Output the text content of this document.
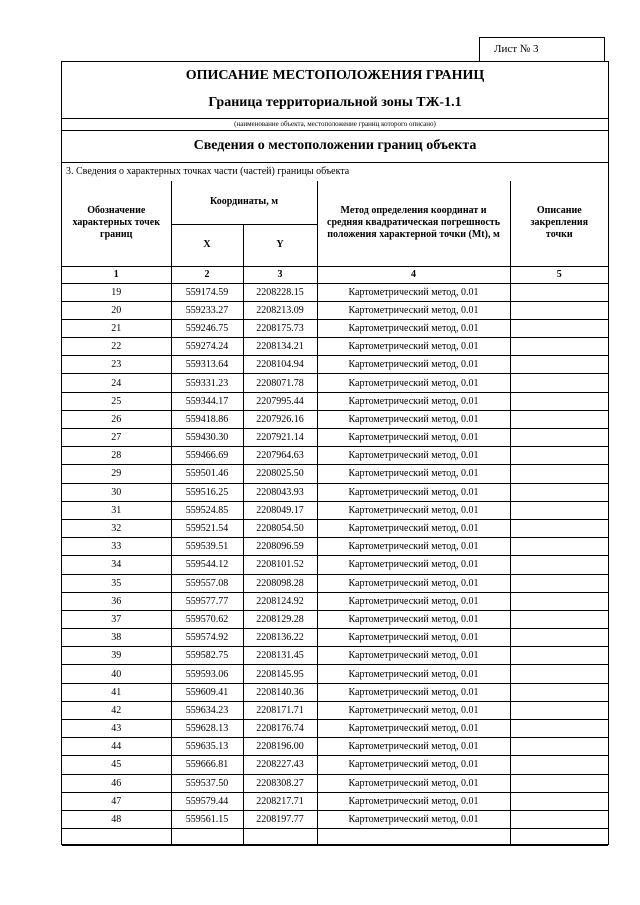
Лист № 3
ОПИСАНИЕ МЕСТОПОЛОЖЕНИЯ ГРАНИЦ
Граница территориальной зоны ТЖ-1.1
(наименование объекта, местоположение границ которого описано)
Сведения о местоположении границ объекта
3. Сведения о характерных точках части (частей) границы объекта
Обозначение характерных точек границ	Координаты, м		Метод определения координат и средняя квадратическая погрешность положения характерной точки (Mt), м	Описание закрепления точки
	X	Y		
1	2	3	4	5
19	559174.59	2208228.15	Картометрический метод, 0.01	
20	559233.27	2208213.09	Картометрический метод, 0.01	
21	559246.75	2208175.73	Картометрический метод, 0.01	
22	559274.24	2208134.21	Картометрический метод, 0.01	
23	559313.64	2208104.94	Картометрический метод, 0.01	
24	559331.23	2208071.78	Картометрический метод, 0.01	
25	559344.17	2207995.44	Картометрический метод, 0.01	
26	559418.86	2207926.16	Картометрический метод, 0.01	
27	559430.30	2207921.14	Картометрический метод, 0.01	
28	559466.69	2207964.63	Картометрический метод, 0.01	
29	559501.46	2208025.50	Картометрический метод, 0.01	
30	559516.25	2208043.93	Картометрический метод, 0.01	
31	559524.85	2208049.17	Картометрический метод, 0.01	
32	559521.54	2208054.50	Картометрический метод, 0.01	
33	559539.51	2208096.59	Картометрический метод, 0.01	
34	559544.12	2208101.52	Картометрический метод, 0.01	
35	559557.08	2208098.28	Картометрический метод, 0.01	
36	559577.77	2208124.92	Картометрический метод, 0.01	
37	559570.62	2208129.28	Картометрический метод, 0.01	
38	559574.92	2208136.22	Картометрический метод, 0.01	
39	559582.75	2208131.45	Картометрический метод, 0.01	
40	559593.06	2208145.95	Картометрический метод, 0.01	
41	559609.41	2208140.36	Картометрический метод, 0.01	
42	559634.23	2208171.71	Картометрический метод, 0.01	
43	559628.13	2208176.74	Картометрический метод, 0.01	
44	559635.13	2208196.00	Картометрический метод, 0.01	
45	559666.81	2208227.43	Картометрический метод, 0.01	
46	559537.50	2208308.27	Картометрический метод, 0.01	
47	559579.44	2208217.71	Картометрический метод, 0.01	
48	559561.15	2208197.77	Картометрический метод, 0.01	
